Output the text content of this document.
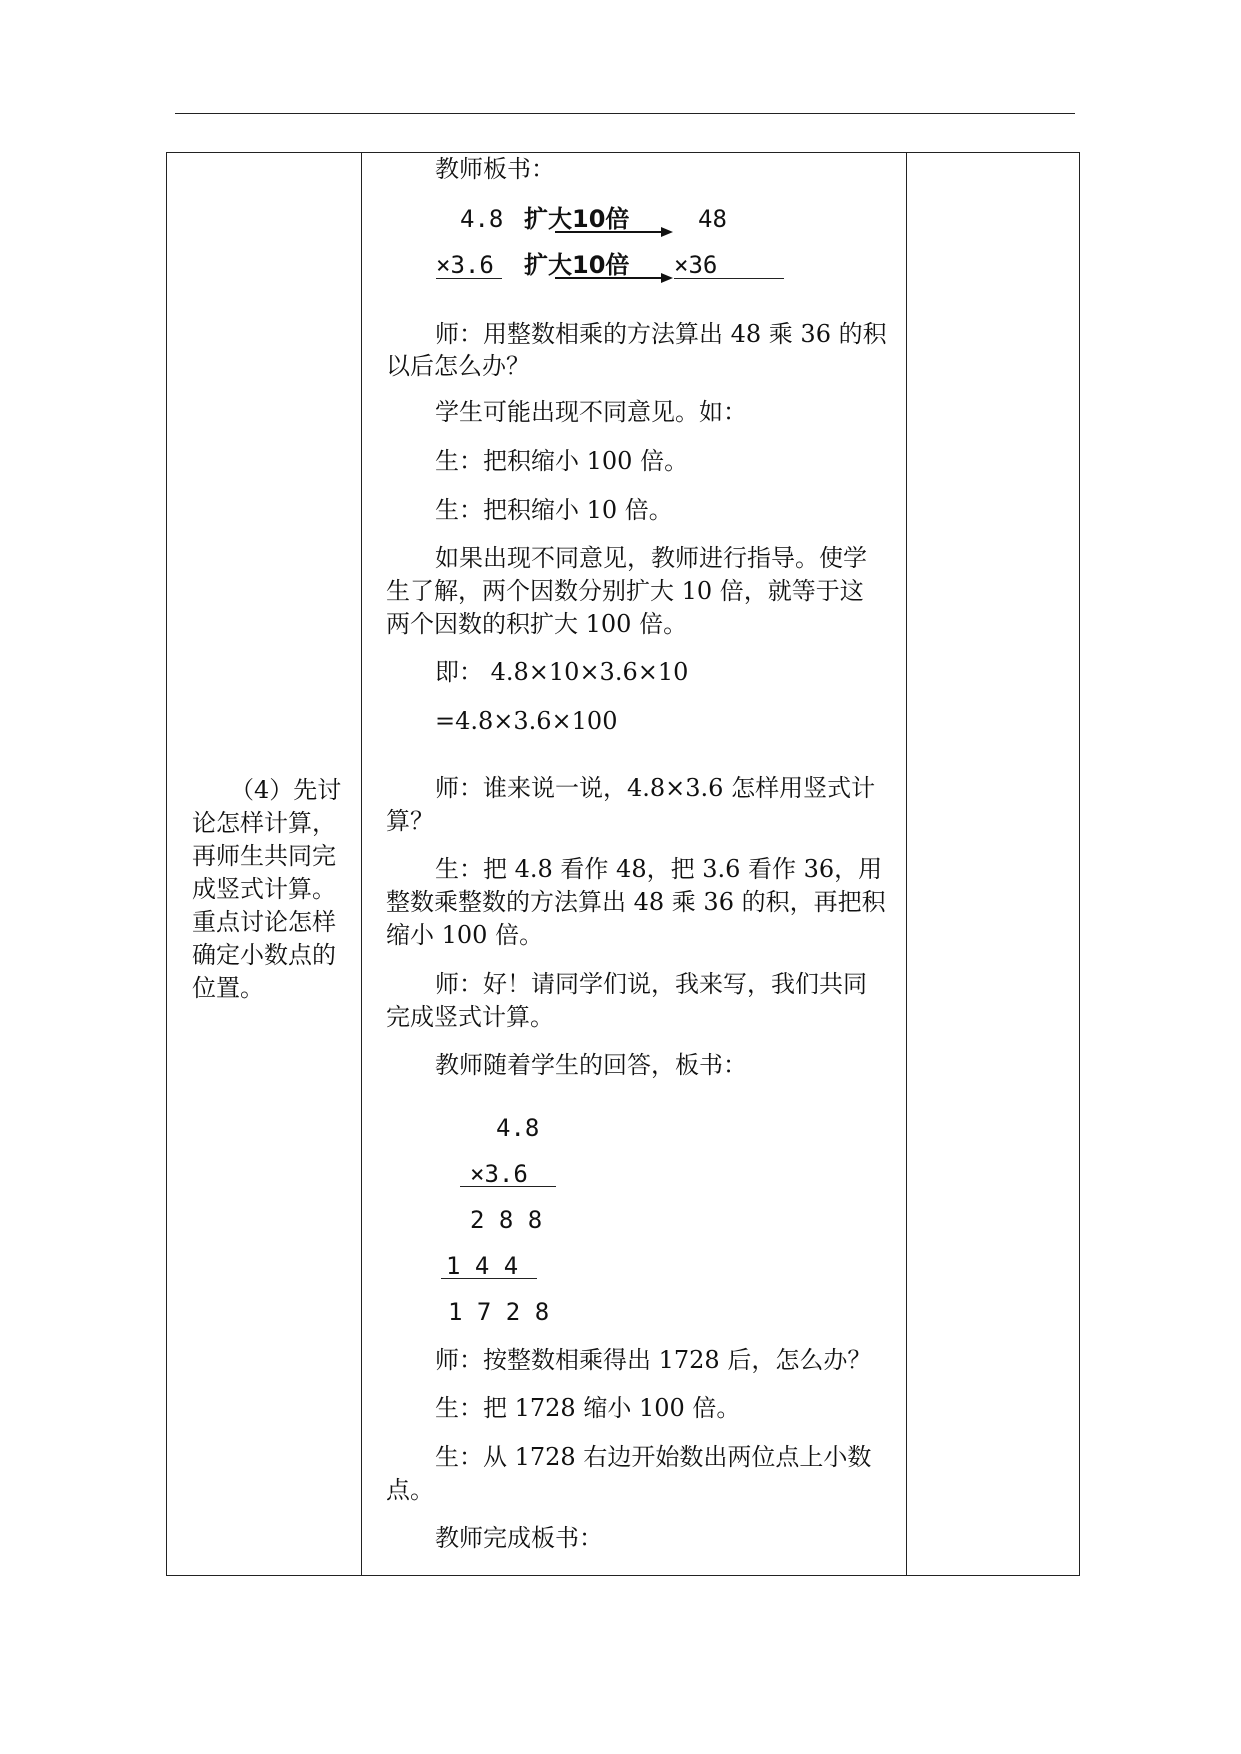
（4）先讨
论怎样计算，
再师生共同完
成竖式计算。
重点讨论怎样
确定小数点的
位置。
教师板书：
4.8 扩大10倍	48
×3.6 扩大10倍 ×36
师：用整数相乘的方法算出 48 乘 36 的积
以后怎么办？
学生可能出现不同意见。如：
生：把积缩小 100 倍。
生：把积缩小 10 倍。
如果出现不同意见，教师进行指导。使学
生了解，两个因数分别扩大 10 倍，就等于这
两个因数的积扩大 100 倍。
即： 4.8×10×3.6×10
=4.8×3.6×100
师：谁来说一说，4.8×3.6 怎样用竖式计
算？
生：把 4.8 看作 48，把 3.6 看作 36，用
整数乘整数的方法算出 48 乘 36 的积，再把积
缩小 100 倍。
师：好！请同学们说，我来写，我们共同
完成竖式计算。
教师随着学生的回答，板书：
4.8
×3.6
2 8 8
1 4 4
1 7 2 8
师：按整数相乘得出 1728 后，怎么办？
生：把 1728 缩小 100 倍。
生：从 1728 右边开始数出两位点上小数
点。
教师完成板书：
